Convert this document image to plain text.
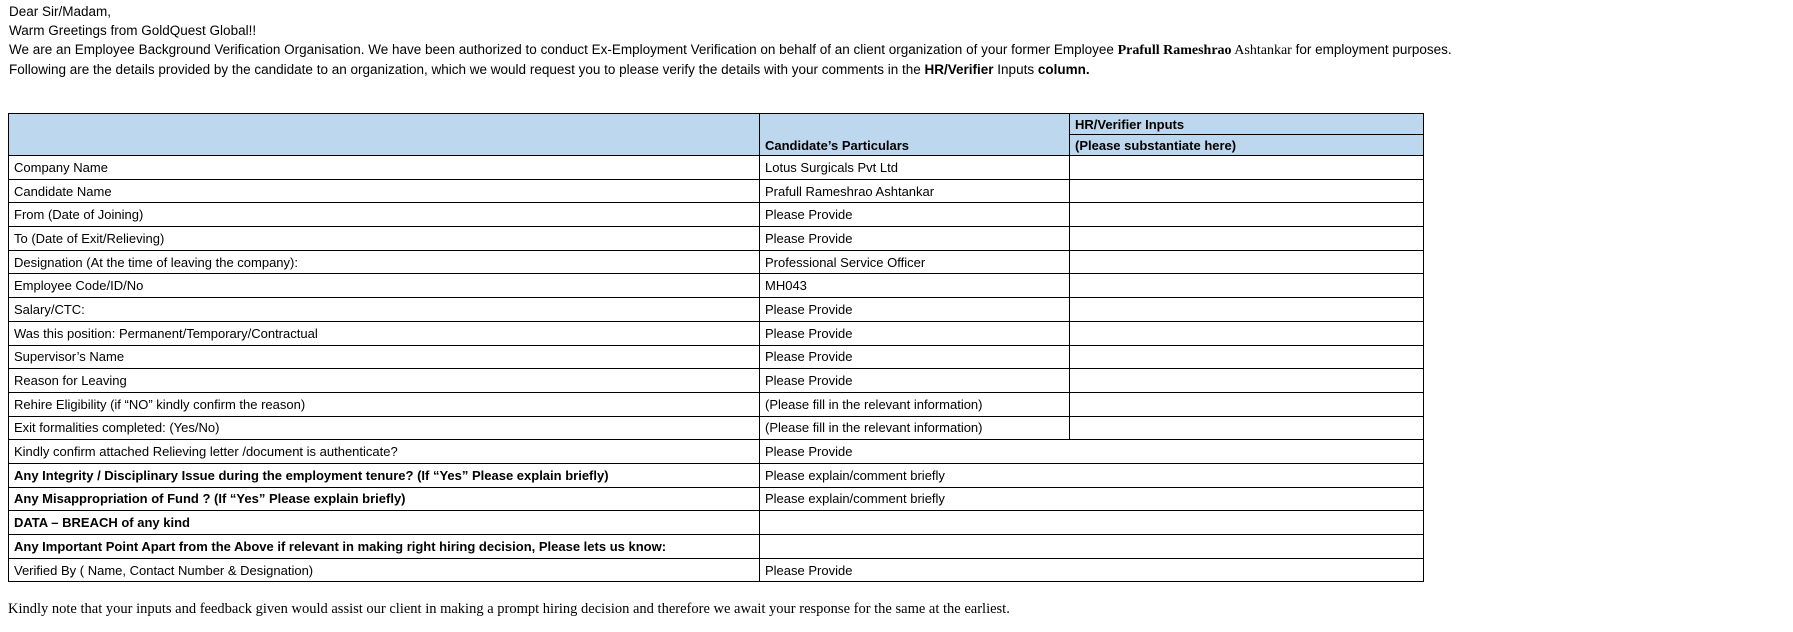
Dear Sir/Madam,
Warm Greetings from GoldQuest Global!!
We are an Employee Background Verification Organisation. We have been authorized to conduct Ex-Employment Verification on behalf of an client organization of your former Employee Prafull Rameshrao Ashtankar for employment purposes.
Following are the details provided by the candidate to an organization, which we would request you to please verify the details with your comments in the HR/Verifier Inputs column.
	Candidate’s Particulars	HR/Verifier Inputs
		(Please substantiate here)
Company Name	Lotus Surgicals Pvt Ltd	
Candidate Name	Prafull Rameshrao Ashtankar	
From (Date of Joining)	Please Provide	
To (Date of Exit/Relieving)	Please Provide	
Designation (At the time of leaving the company):	Professional Service Officer	
Employee Code/ID/No	MH043	
Salary/CTC:	Please Provide	
Was this position: Permanent/Temporary/Contractual	Please Provide	
Supervisor’s Name	Please Provide	
Reason for Leaving	Please Provide	
Rehire Eligibility (if “NO” kindly confirm the reason)	(Please fill in the relevant information)	
Exit formalities completed: (Yes/No)	(Please fill in the relevant information)	
Kindly confirm attached Relieving letter /document is authenticate?	Please Provide	
Any Integrity / Disciplinary Issue during the employment tenure? (If “Yes” Please explain briefly)	Please explain/comment briefly	
Any Misappropriation of Fund ? (If “Yes” Please explain briefly)	Please explain/comment briefly	
DATA – BREACH of any kind		
Any Important Point Apart from the Above if relevant in making right hiring decision, Please lets us know:		
Verified By ( Name, Contact Number & Designation)	Please Provide	
Kindly note that your inputs and feedback given would assist our client in making a prompt hiring decision and therefore we await your response for the same at the earliest.
